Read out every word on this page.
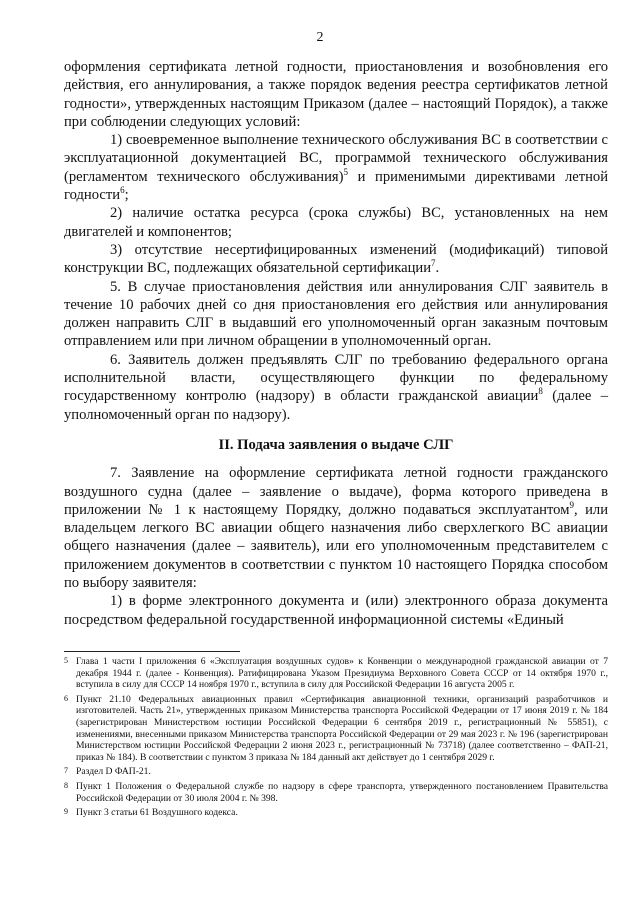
2

оформления сертификата летной годности, приостановления и возобновления его действия, его аннулирования, а также порядок ведения реестра сертификатов летной годности», утвержденных настоящим Приказом (далее – настоящий Порядок), а также при соблюдении следующих условий:

1) своевременное выполнение технического обслуживания ВС в соответствии с эксплуатационной документацией ВС, программой технического обслуживания (регламентом технического обслуживания)$^5$ и применимыми директивами летной годности$^6$;

2) наличие остатка ресурса (срока службы) ВС, установленных на нем двигателей и компонентов;

3) отсутствие несертифицированных изменений (модификаций) типовой конструкции ВС, подлежащих обязательной сертификации$^7$.

5. В случае приостановления действия или аннулирования СЛГ заявитель в течение 10 рабочих дней со дня приостановления его действия или аннулирования должен направить СЛГ в выдавший его уполномоченный орган заказным почтовым отправлением или при личном обращении в уполномоченный орган.

6. Заявитель должен предъявлять СЛГ по требованию федерального органа исполнительной власти, осуществляющего функции по федеральному государственному контролю (надзору) в области гражданской авиации$^8$ (далее – уполномоченный орган по надзору).

II. Подача заявления о выдаче СЛГ

7. Заявление на оформление сертификата летной годности гражданского воздушного судна (далее – заявление о выдаче), форма которого приведена в приложении № 1 к настоящему Порядку, должно подаваться эксплуатантом$^9$, или владельцем легкого ВС авиации общего назначения либо сверхлегкого ВС авиации общего назначения (далее – заявитель), или его уполномоченным представителем с приложением документов в соответствии с пунктом 10 настоящего Порядка способом по выбору заявителя:

1) в форме электронного документа и (или) электронного образа документа посредством федеральной государственной информационной системы «Единый

5 Глава 1 части I приложения 6 «Эксплуатация воздушных судов» к Конвенции о международной гражданской авиации от 7 декабря 1944 г. (далее - Конвенция). Ратифицирована Указом Президиума Верховного Совета СССР от 14 октября 1970 г., вступила в силу для СССР 14 ноября 1970 г., вступила в силу для Российской Федерации 16 августа 2005 г.
6 Пункт 21.10 Федеральных авиационных правил «Сертификация авиационной техники, организаций разработчиков и изготовителей. Часть 21», утвержденных приказом Министерства транспорта Российской Федерации от 17 июня 2019 г. № 184 (зарегистрирован Министерством юстиции Российской Федерации 6 сентября 2019 г., регистрационный № 55851), с изменениями, внесенными приказом Министерства транспорта Российской Федерации от 29 мая 2023 г. № 196 (зарегистрирован Министерством юстиции Российской Федерации 2 июня 2023 г., регистрационный № 73718) (далее соответственно – ФАП-21, приказ № 184). В соответствии с пунктом 3 приказа № 184 данный акт действует до 1 сентября 2029 г.
7 Раздел D ФАП-21.
8 Пункт 1 Положения о Федеральной службе по надзору в сфере транспорта, утвержденного постановлением Правительства Российской Федерации от 30 июля 2004 г. № 398.
9 Пункт 3 статьи 61 Воздушного кодекса.
